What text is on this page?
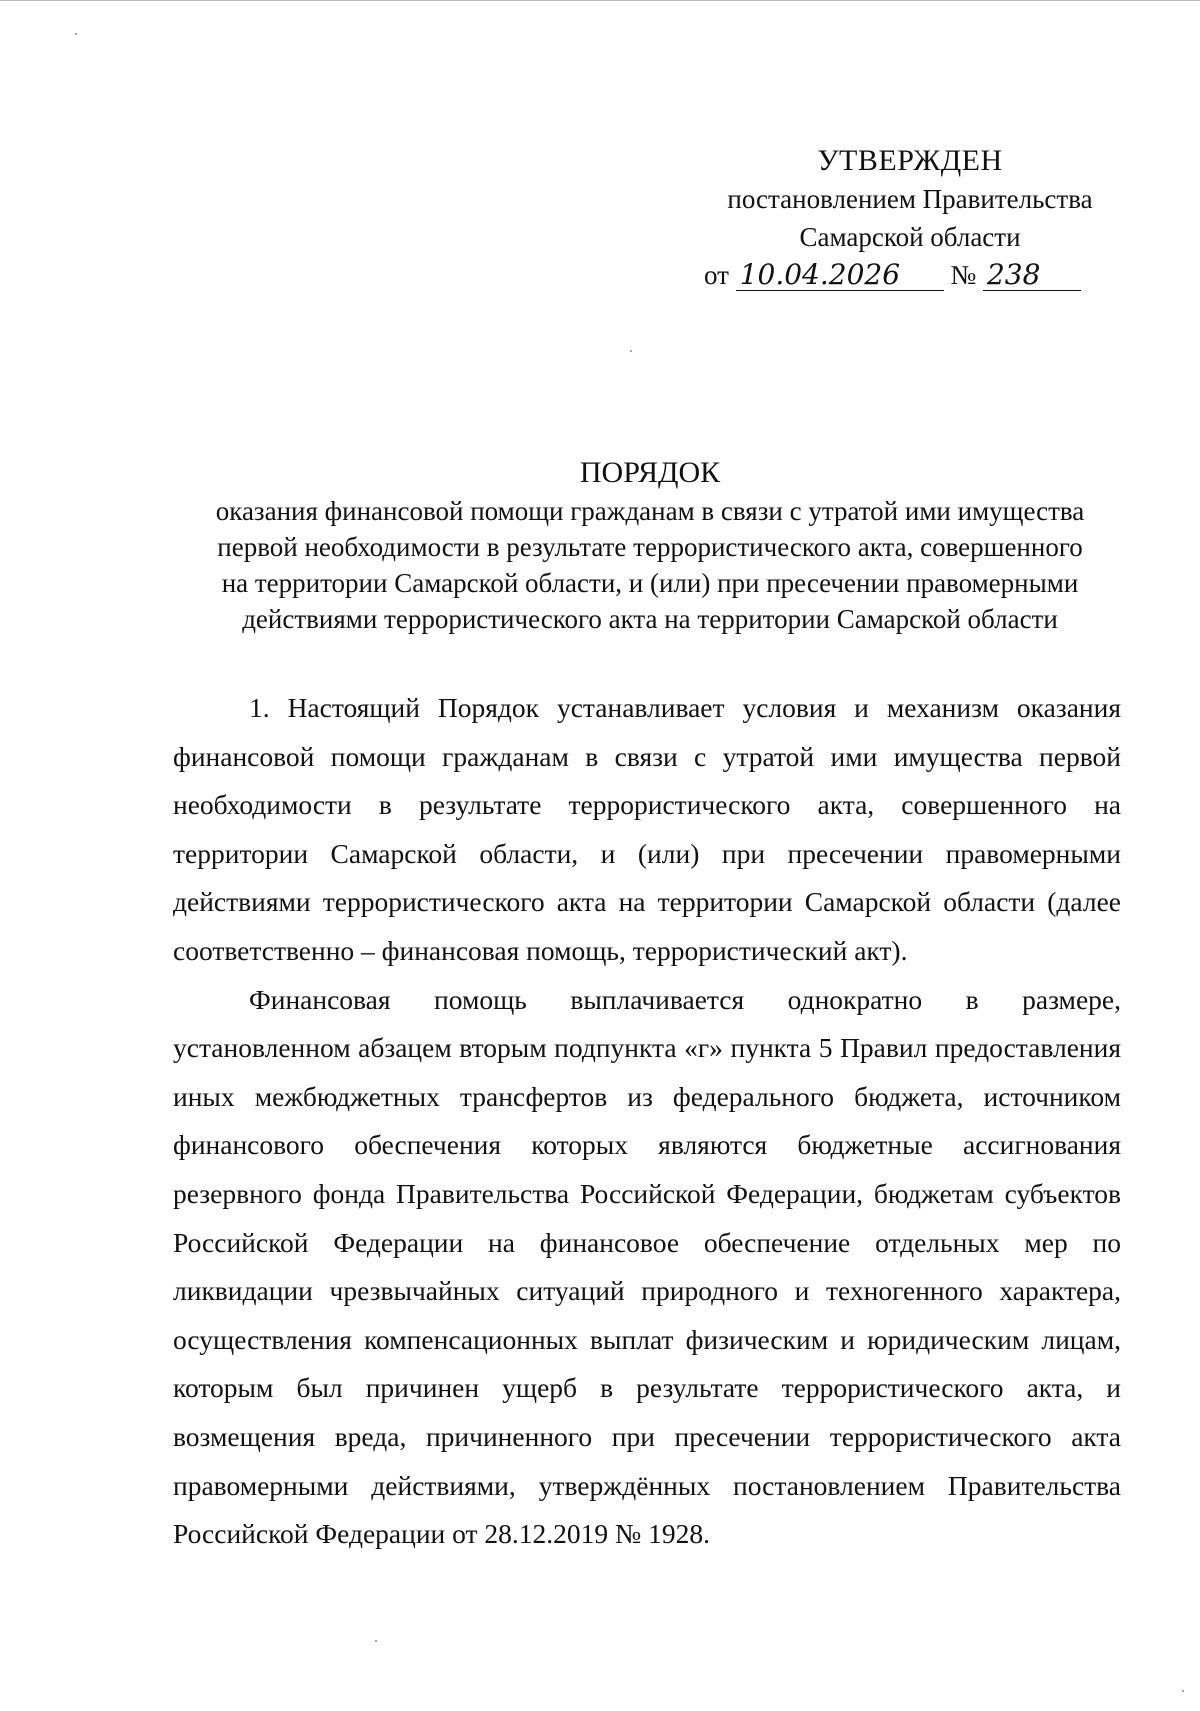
УТВЕРЖДЕН
постановлением Правительства
Самарской области
от 10.04.2026 № 238
ПОРЯДОК
оказания финансовой помощи гражданам в связи с утратой ими имущества
первой необходимости в результате террористического акта, совершенного
на территории Самарской области, и (или) при пресечении правомерными
действиями террористического акта на территории Самарской области

1. Настоящий Порядок устанавливает условия и механизм оказания финансовой помощи гражданам в связи с утратой ими имущества первой необходимости в результате террористического акта, совершенного на территории Самарской области, и (или) при пресечении правомерными действиями террористического акта на территории Самарской области (далее соответственно – финансовая помощь, террористический акт).

Финансовая помощь выплачивается однократно в размере, установленном абзацем вторым подпункта «г» пункта 5 Правил предоставления иных межбюджетных трансфертов из федерального бюджета, источником финансового обеспечения которых являются бюджетные ассигнования резервного фонда Правительства Российской Федерации, бюджетам субъектов Российской Федерации на финансовое обеспечение отдельных мер по ликвидации чрезвычайных ситуаций природного и техногенного характера, осуществления компенсационных выплат физическим и юридическим лицам, которым был причинен ущерб в результате террористического акта, и возмещения вреда, причиненного при пресечении террористического акта правомерными действиями, утверждённых постановлением Правительства Российской Федерации от 28.12.2019 № 1928.
